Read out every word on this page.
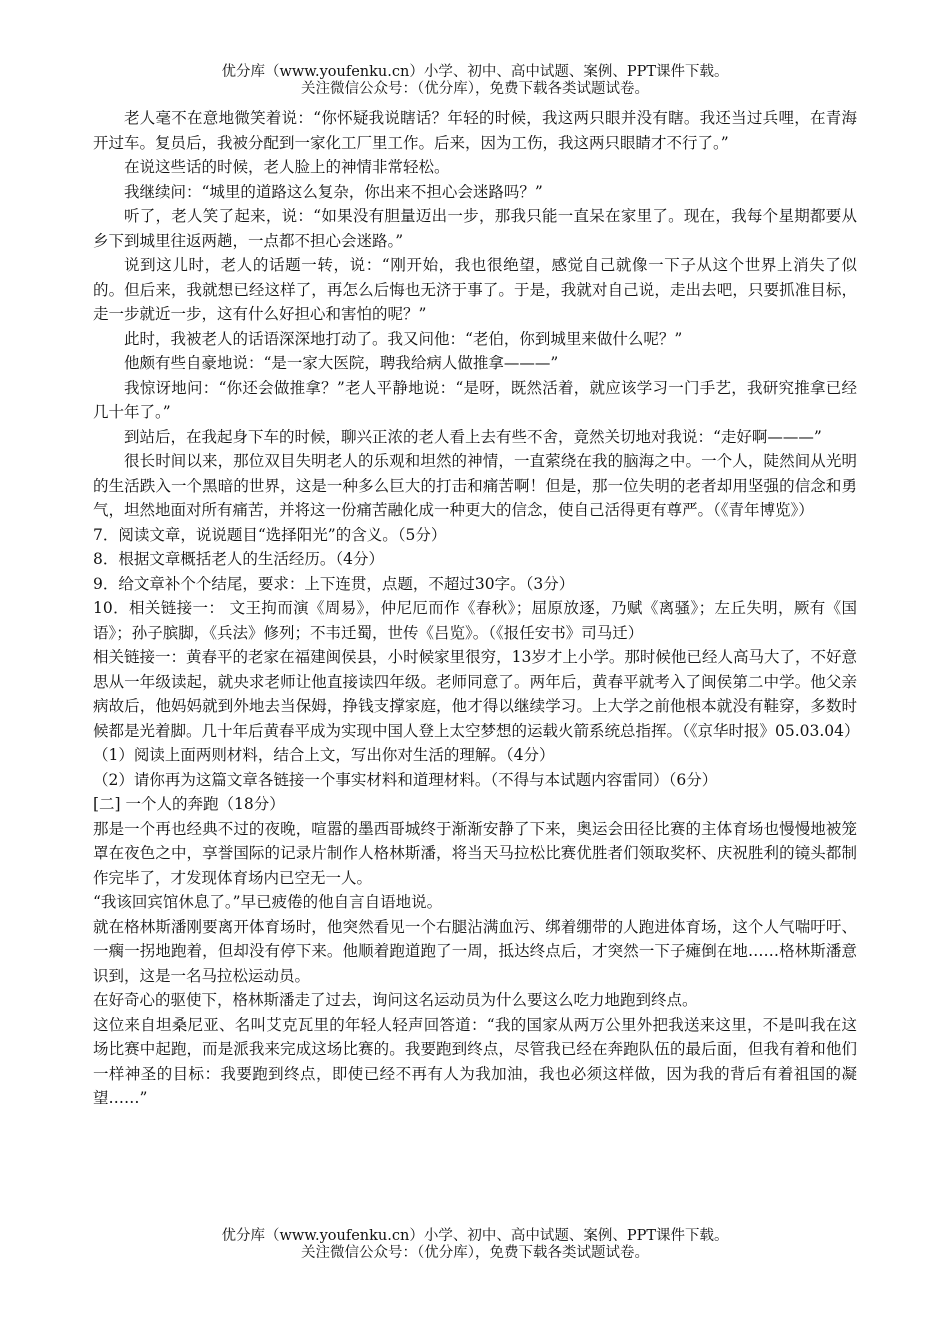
优分库（www.youfenku.cn）小学、初中、高中试题、案例、PPT课件下载。
关注微信公众号：（优分库），免费下载各类试题试卷。

老人毫不在意地微笑着说：“你怀疑我说瞎话？年轻的时候，我这两只眼并没有瞎。我还当过兵哩，在青海开过车。复员后，我被分配到一家化工厂里工作。后来，因为工伤，我这两只眼睛才不行了。”

在说这些话的时候，老人脸上的神情非常轻松。

我继续问：“城里的道路这么复杂，你出来不担心会迷路吗？”

听了，老人笑了起来，说：“如果没有胆量迈出一步，那我只能一直呆在家里了。现在，我每个星期都要从乡下到城里往返两趟，一点都不担心会迷路。”

说到这儿时，老人的话题一转，说：“刚开始，我也很绝望，感觉自己就像一下子从这个世界上消失了似的。但后来，我就想已经这样了，再怎么后悔也无济于事了。于是，我就对自己说，走出去吧，只要抓准目标，走一步就近一步，这有什么好担心和害怕的呢？”

此时，我被老人的话语深深地打动了。我又问他：“老伯，你到城里来做什么呢？”

他颇有些自豪地说：“是一家大医院，聘我给病人做推拿———”

我惊讶地问：“你还会做推拿？”老人平静地说：“是呀，既然活着，就应该学习一门手艺，我研究推拿已经几十年了。”

到站后，在我起身下车的时候，聊兴正浓的老人看上去有些不舍，竟然关切地对我说：“走好啊———”

很长时间以来，那位双目失明老人的乐观和坦然的神情，一直萦绕在我的脑海之中。一个人，陡然间从光明的生活跌入一个黑暗的世界，这是一种多么巨大的打击和痛苦啊！但是，那一位失明的老者却用坚强的信念和勇气，坦然地面对所有痛苦，并将这一份痛苦融化成一种更大的信念，使自己活得更有尊严。（《青年博览》）

7．阅读文章，说说题目“选择阳光”的含义。（5分）

8．根据文章概括老人的生活经历。（4分）

9．给文章补个个结尾，要求：上下连贯，点题，不超过30字。（3分）

10．相关链接一： 文王拘而演《周易》，仲尼厄而作《春秋》；屈原放逐，乃赋《离骚》；左丘失明，厥有《国语》；孙子膑脚，《兵法》修列；不韦迁蜀，世传《吕览》。（《报任安书》司马迁）

相关链接一：黄春平的老家在福建闽侯县，小时候家里很穷，13岁才上小学。那时候他已经人高马大了，不好意思从一年级读起，就央求老师让他直接读四年级。老师同意了。两年后，黄春平就考入了闽侯第二中学。他父亲病故后，他妈妈就到外地去当保姆，挣钱支撑家庭，他才得以继续学习。上大学之前他根本就没有鞋穿，多数时候都是光着脚。几十年后黄春平成为实现中国人登上太空梦想的运载火箭系统总指挥。（《京华时报》05.03.04）

（1）阅读上面两则材料，结合上文，写出你对生活的理解。（4分）

（2）请你再为这篇文章各链接一个事实材料和道理材料。（不得与本试题内容雷同）（6分）

[二] 一个人的奔跑（18分）

那是一个再也经典不过的夜晚，喧嚣的墨西哥城终于渐渐安静了下来，奥运会田径比赛的主体育场也慢慢地被笼罩在夜色之中，享誉国际的记录片制作人格林斯潘，将当天马拉松比赛优胜者们领取奖杯、庆祝胜利的镜头都制作完毕了，才发现体育场内已空无一人。

“我该回宾馆休息了。”早已疲倦的他自言自语地说。

就在格林斯潘刚要离开体育场时，他突然看见一个右腿沾满血污、绑着绷带的人跑进体育场，这个人气喘吁吁、一瘸一拐地跑着，但却没有停下来。他顺着跑道跑了一周，抵达终点后，才突然一下子瘫倒在地……格林斯潘意识到，这是一名马拉松运动员。

在好奇心的驱使下，格林斯潘走了过去，询问这名运动员为什么要这么吃力地跑到终点。

这位来自坦桑尼亚、名叫艾克瓦里的年轻人轻声回答道：“我的国家从两万公里外把我送来这里，不是叫我在这场比赛中起跑，而是派我来完成这场比赛的。我要跑到终点，尽管我已经在奔跑队伍的最后面，但我有着和他们一样神圣的目标：我要跑到终点，即使已经不再有人为我加油，我也必须这样做，因为我的背后有着祖国的凝望……”

优分库（www.youfenku.cn）小学、初中、高中试题、案例、PPT课件下载。
关注微信公众号：（优分库），免费下载各类试题试卷。
